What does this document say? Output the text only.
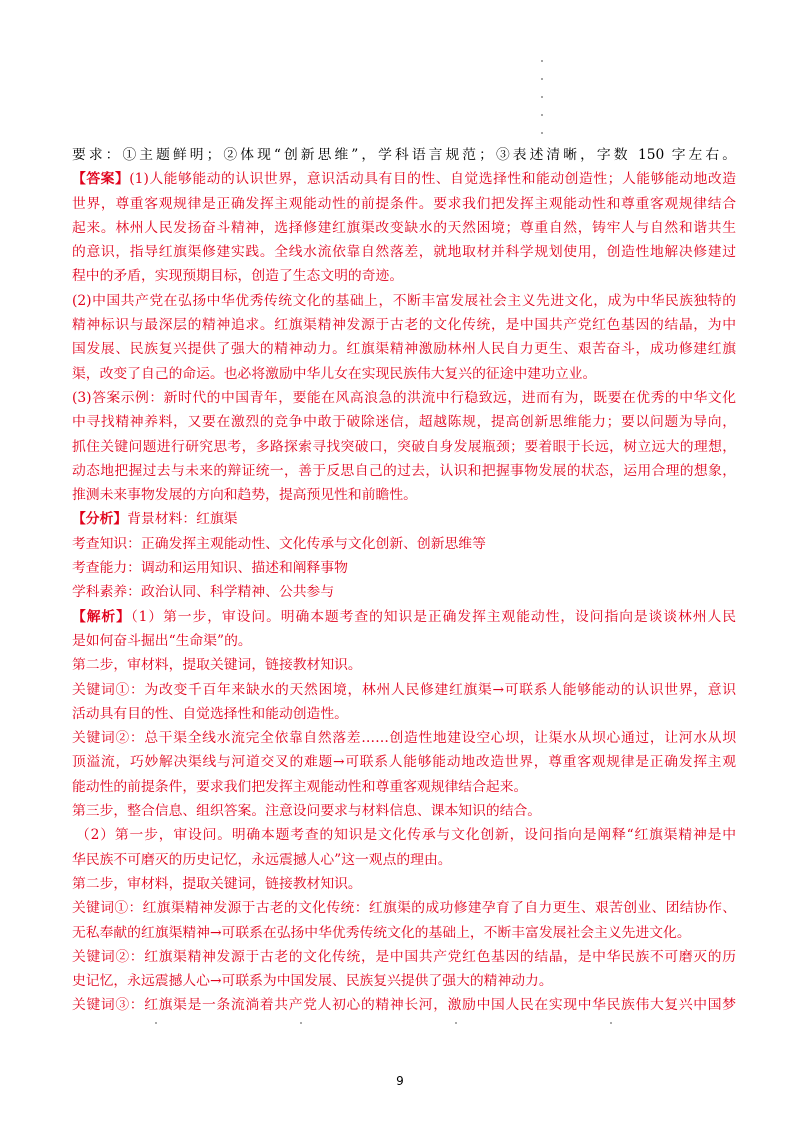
要求：①主题鲜明；②体现“创新思维”，学科语言规范；③表述清晰，字数 150 字左右。
【答案】(1)人能够能动的认识世界，意识活动具有目的性、自觉选择性和能动创造性；人能够能动地改造
世界，尊重客观规律是正确发挥主观能动性的前提条件。要求我们把发挥主观能动性和尊重客观规律结合
起来。林州人民发扬奋斗精神，选择修建红旗渠改变缺水的天然困境；尊重自然，铸牢人与自然和谐共生
的意识，指导红旗渠修建实践。全线水流依靠自然落差，就地取材并科学规划使用，创造性地解决修建过
程中的矛盾，实现预期目标，创造了生态文明的奇迹。
(2)中国共产党在弘扬中华优秀传统文化的基础上，不断丰富发展社会主义先进文化，成为中华民族独特的
精神标识与最深层的精神追求。红旗渠精神发源于古老的文化传统，是中国共产党红色基因的结晶，为中
国发展、民族复兴提供了强大的精神动力。红旗渠精神激励林州人民自力更生、艰苦奋斗，成功修建红旗
渠，改变了自己的命运。也必将激励中华儿女在实现民族伟大复兴的征途中建功立业。
(3)答案示例：新时代的中国青年，要能在风高浪急的洪流中行稳致远，进而有为，既要在优秀的中华文化
中寻找精神养料，又要在激烈的竞争中敢于破除迷信，超越陈规，提高创新思维能力；要以问题为导向，
抓住关键问题进行研究思考，多路探索寻找突破口，突破自身发展瓶颈；要着眼于长远，树立远大的理想，
动态地把握过去与未来的辩证统一，善于反思自己的过去，认识和把握事物发展的状态，运用合理的想象，
推测未来事物发展的方向和趋势，提高预见性和前瞻性。
【分析】背景材料：红旗渠
考查知识：正确发挥主观能动性、文化传承与文化创新、创新思维等
考查能力：调动和运用知识、描述和阐释事物
学科素养：政治认同、科学精神、公共参与
【解析】（1）第一步，审设问。明确本题考查的知识是正确发挥主观能动性，设问指向是谈谈林州人民
是如何奋斗掘出“生命渠”的。
第二步，审材料，提取关键词，链接教材知识。
关键词①：为改变千百年来缺水的天然困境，林州人民修建红旗渠→可联系人能够能动的认识世界，意识
活动具有目的性、自觉选择性和能动创造性。
关键词②：总干渠全线水流完全依靠自然落差……创造性地建设空心坝，让渠水从坝心通过，让河水从坝
顶溢流，巧妙解决渠线与河道交叉的难题→可联系人能够能动地改造世界，尊重客观规律是正确发挥主观
能动性的前提条件，要求我们把发挥主观能动性和尊重客观规律结合起来。
第三步，整合信息、组织答案。注意设问要求与材料信息、课本知识的结合。
（2）第一步，审设问。明确本题考查的知识是文化传承与文化创新，设问指向是阐释“红旗渠精神是中
华民族不可磨灭的历史记忆，永远震撼人心”这一观点的理由。
第二步，审材料，提取关键词，链接教材知识。
关键词①：红旗渠精神发源于古老的文化传统：红旗渠的成功修建孕育了自力更生、艰苦创业、团结协作、
无私奉献的红旗渠精神→可联系在弘扬中华优秀传统文化的基础上，不断丰富发展社会主义先进文化。
关键词②：红旗渠精神发源于古老的文化传统，是中国共产党红色基因的结晶，是中华民族不可磨灭的历
史记忆，永远震撼人心→可联系为中国发展、民族复兴提供了强大的精神动力。
关键词③：红旗渠是一条流淌着共产党人初心的精神长河，激励中国人民在实现中华民族伟大复兴中国梦
9
